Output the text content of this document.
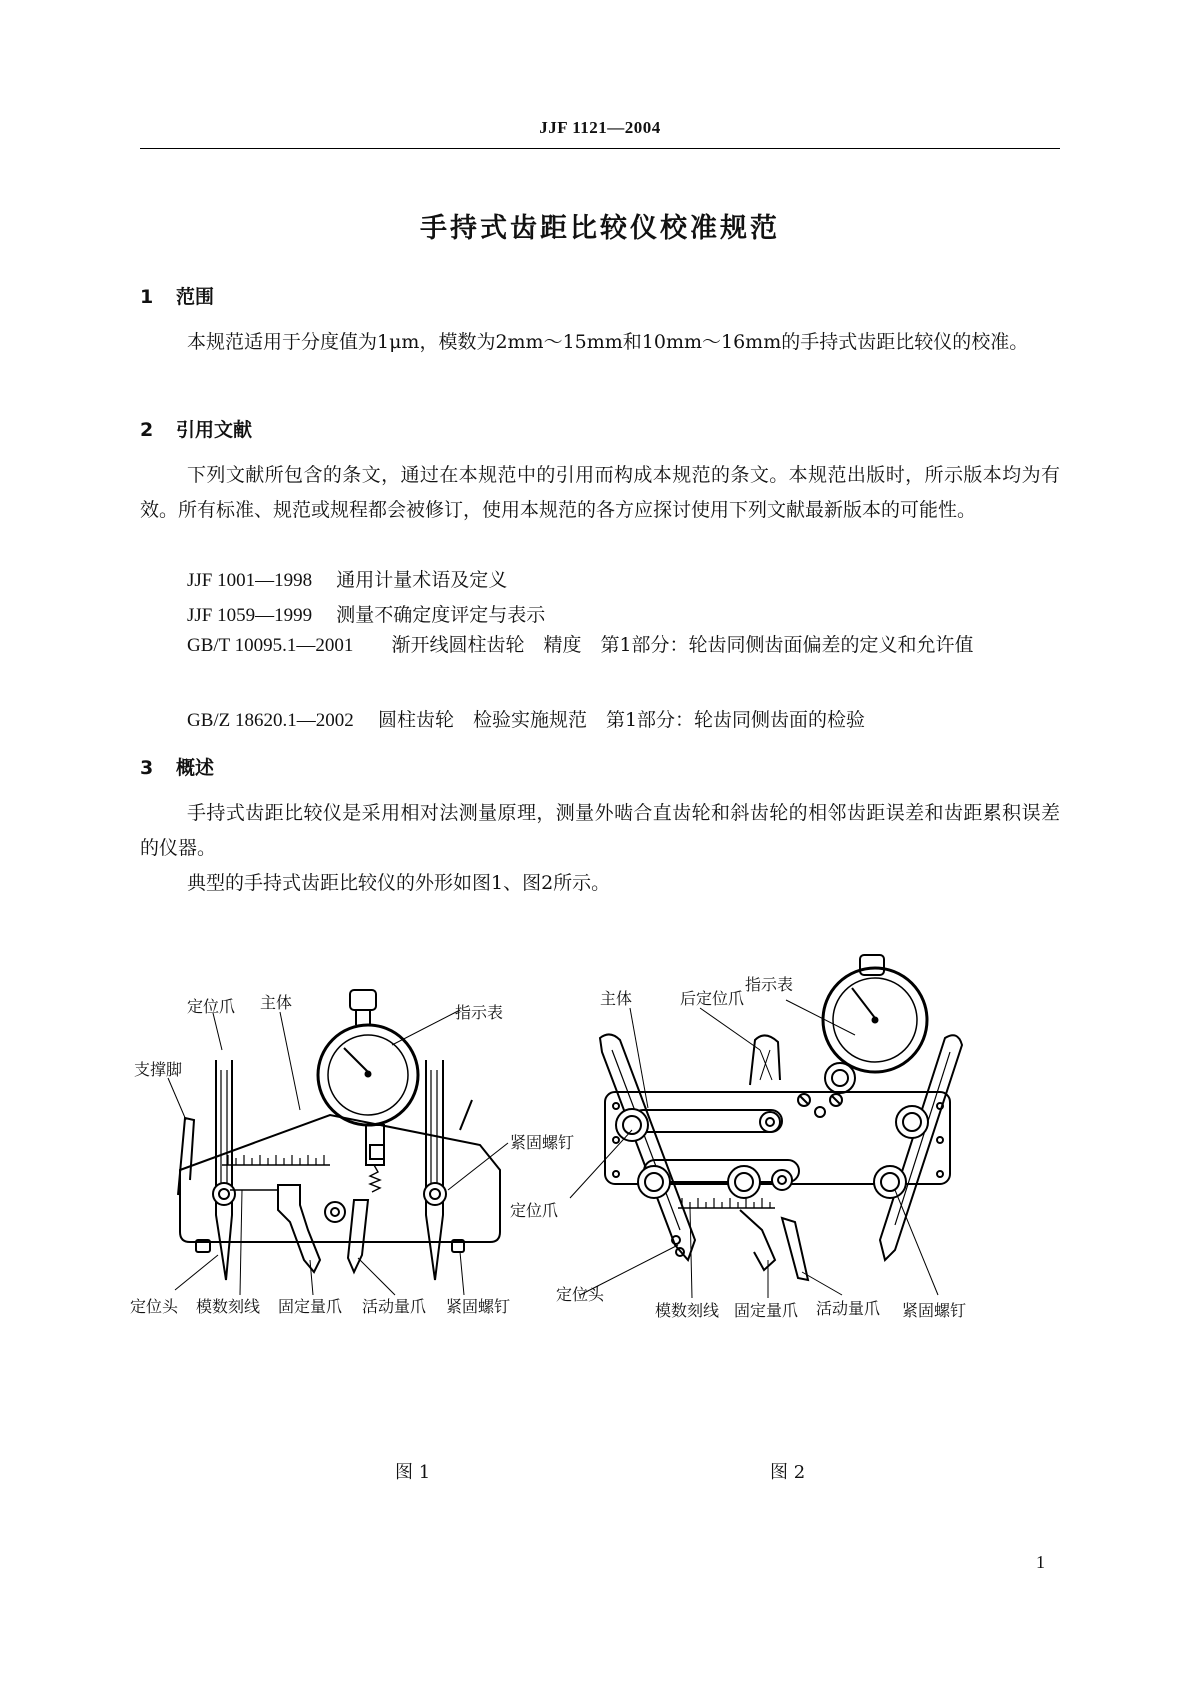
JJF 1121—2004
手持式齿距比较仪校准规范
1 范围

本规范适用于分度值为1μm，模数为2mm～15mm和10mm～16mm的手持式齿距比较仪的校准。

2 引用文献

下列文献所包含的条文，通过在本规范中的引用而构成本规范的条文。本规范出版时，所示版本均为有效。所有标准、规范或规程都会被修订，使用本规范的各方应探讨使用下列文献最新版本的可能性。

JJF 1001—1998 通用计量术语及定义
JJF 1059—1999 测量不确定度评定与表示

GB/T 10095.1—2001　　 渐开线圆柱齿轮　精度　第1部分：轮齿同侧齿面偏差的定义和允许值

GB/Z 18620.1—2002 圆柱齿轮　检验实施规范　第1部分：轮齿同侧齿面的检验
3 概述

手持式齿距比较仪是采用相对法测量原理，测量外啮合直齿轮和斜齿轮的相邻齿距误差和齿距累积误差的仪器。

典型的手持式齿距比较仪的外形如图1、图2所示。

定位爪 主体
支撑脚
指示表
紧固螺钉
定位头 模数刻线 固定量爪 活动量爪 紧固螺钉
主体	后定位爪
指示表
定位爪
定位头
模数刻线 固定量爪 活动量爪 紧固螺钉
图 1	图 2
1
